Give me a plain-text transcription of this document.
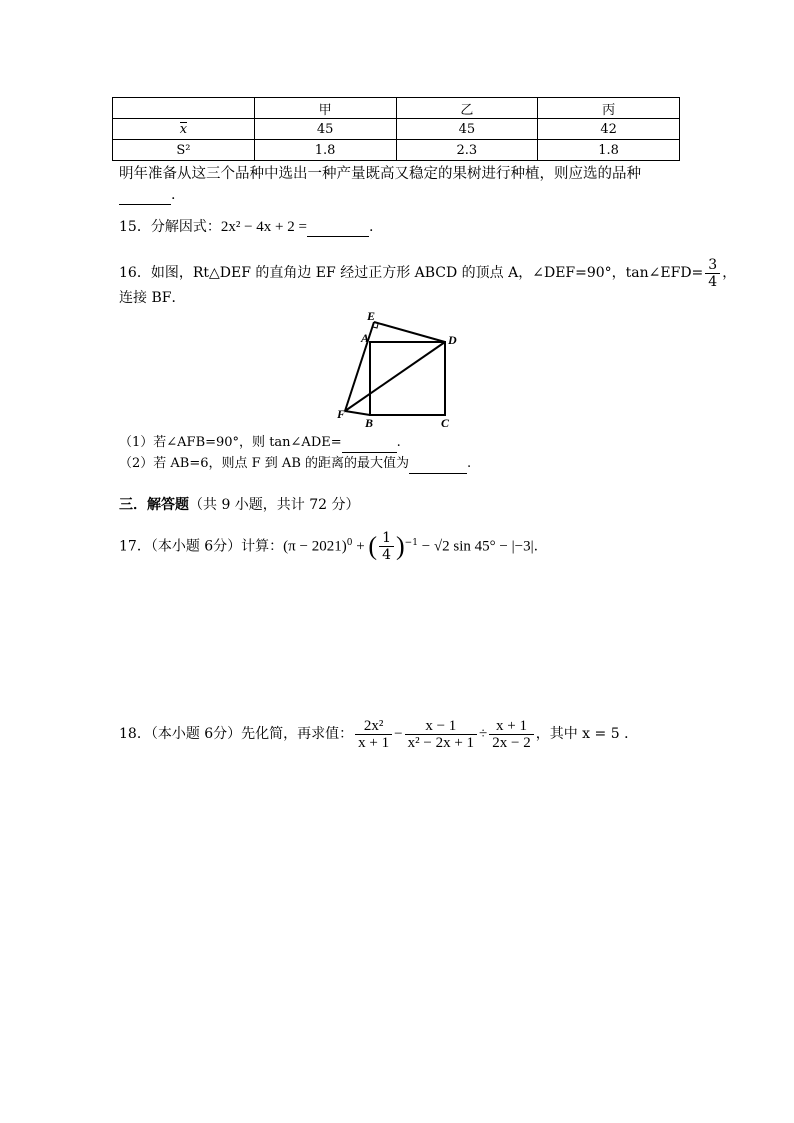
	甲	乙	丙
x	45	45	42
S²	1.8	2.3	1.8
明年准备从这三个品种中选出一种产量既高又稳定的果树进行种植，则应选的品种
.
15．分解因式：2x² − 4x + 2 =	.
16．如图，Rt△DEF 的直角边 EF 经过正方形 ABCD 的顶点 A，∠DEF=90°，tan∠EFD= $\frac{3}{4}$ ，
连接 BF．
E
A	D
F
B	C
（1）若∠AFB=90°，则 tan∠ADE=	.
（2）若 AB=6，则点 F 到 AB 的距离的最大值为	.
三．解答题（共 9 小题，共计 72 分）
17．（本小题 6分）计算：$(\pi - 2021)^0$ + ( $\frac{1}{4} )^{-1} - √2$ sin 45° − |−3|.
18．（本小题 6分）先化简，再求值： $\frac{\text{2x²}}{x + 1} - \frac{x - 1}{\text{x² − 2x + 1}} \div \frac{x + 1}{2x - 2}$ ，其中 x = 5 ．
